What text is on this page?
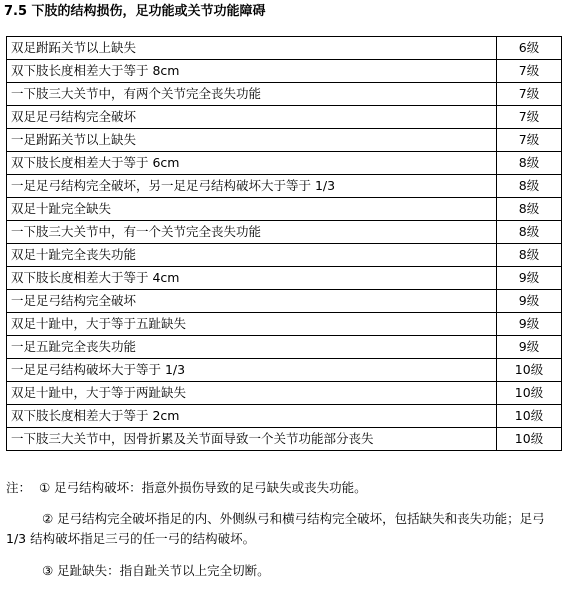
7.5 下肢的结构损伤，足功能或关节功能障碍
双足跗跖关节以上缺失	6级
双下肢长度相差大于等于 8cm	7级
一下肢三大关节中，有两个关节完全丧失功能	7级
双足足弓结构完全破坏	7级
一足跗跖关节以上缺失	7级
双下肢长度相差大于等于 6cm	8级
一足足弓结构完全破坏，另一足足弓结构破坏大于等于 1/3	8级
双足十趾完全缺失	8级
一下肢三大关节中，有一个关节完全丧失功能	8级
双足十趾完全丧失功能	8级
双下肢长度相差大于等于 4cm	9级
一足足弓结构完全破坏	9级
双足十趾中，大于等于五趾缺失	9级
一足五趾完全丧失功能	9级
一足足弓结构破坏大于等于 1/3	10级
双足十趾中，大于等于两趾缺失	10级
双下肢长度相差大于等于 2cm	10级
一下肢三大关节中，因骨折累及关节面导致一个关节功能部分丧失	10级

注： ① 足弓结构破坏：指意外损伤导致的足弓缺失或丧失功能。

② 足弓结构完全破坏指足的内、外侧纵弓和横弓结构完全破坏，包括缺失和丧失功能；足弓 1/3 结构破坏指足三弓的任一弓的结构破坏。

③ 足趾缺失：指自趾关节以上完全切断。
